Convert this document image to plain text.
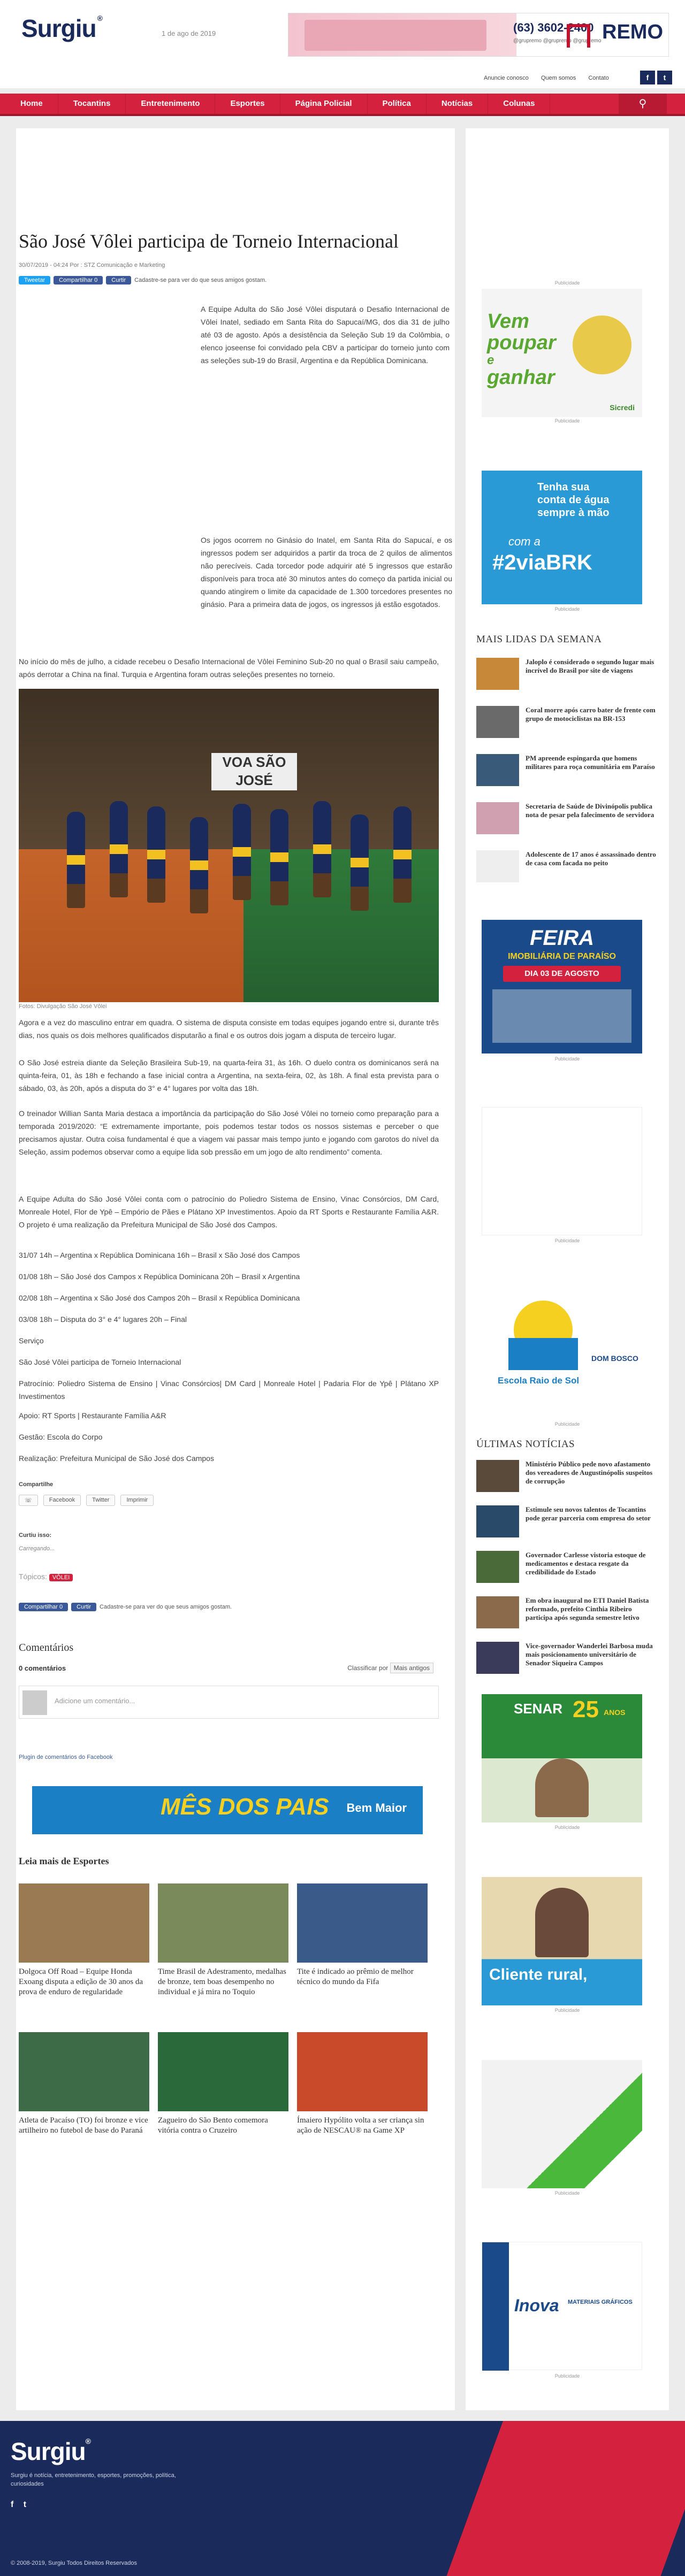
Surgiu ®
1 de ago de 2019	(63) 3602-2400
@grupremo @grupremo @grupremo REMO
Anuncie conosco Quem somos Contato	f	t
Home	Tocantins	Entretenimento	Esportes	Página Policial	Política	Notícias	Colunas	⚲
São José Vôlei participa de Torneio Internacional
30/07/2019 - 04:24 Por : STZ Comunicação e Marketing
Tweetar	Compartilhar 0	Curtir	Cadastre-se para ver do que seus amigos gostam.
A Equipe Adulta do São José Vôlei disputará o Desafio Internacional de Vôlei Inatel, sediado em Santa Rita do Sapucaí/MG, dos dia 31 de julho até 03 de agosto. Após a desistência da Seleção Sub 19 da Colômbia, o elenco joseense foi convidado pela CBV a participar do torneio junto com as seleções sub-19 do Brasil, Argentina e da República Dominicana.
Os jogos ocorrem no Ginásio do Inatel, em Santa Rita do Sapucaí, e os ingressos podem ser adquiridos a partir da troca de 2 quilos de alimentos não perecíveis. Cada torcedor pode adquirir até 5 ingressos que estarão disponíveis para troca até 30 minutos antes do começo da partida inicial ou quando atingirem o limite da capacidade de 1.300 torcedores presentes no ginásio. Para a primeira data de jogos, os ingressos já estão esgotados.
No início do mês de julho, a cidade recebeu o Desafio Internacional de Vôlei Feminino Sub-20 no qual o Brasil saiu campeão, após derrotar a China na final. Turquia e Argentina foram outras seleções presentes no torneio.
VOA SÃO JOSÉ
Fotos: Divulgação São José Vôlei
Agora e a vez do masculino entrar em quadra. O sistema de disputa consiste em todas equipes jogando entre si, durante três dias, nos quais os dois melhores qualificados disputarão a final e os outros dois jogam a disputa de terceiro lugar.
O São José estreia diante da Seleção Brasileira Sub-19, na quarta-feira 31, às 16h. O duelo contra os dominicanos será na quinta-feira, 01, às 18h e fechando a fase inicial contra a Argentina, na sexta-feira, 02, às 18h. A final esta prevista para o sábado, 03, às 20h, após a disputa do 3° e 4° lugares por volta das 18h.
O treinador Willian Santa Maria destaca a importância da participação do São José Vôlei no torneio como preparação para a temporada 2019/2020: “E extremamente importante, pois podemos testar todos os nossos sistemas e perceber o que precisamos ajustar. Outra coisa fundamental é que a viagem vai passar mais tempo junto e jogando com garotos do nível da Seleção, assim podemos observar como a equipe lida sob pressão em um jogo de alto rendimento” comenta.
A Equipe Adulta do São José Vôlei conta com o patrocínio do Poliedro Sistema de Ensino, Vinac Consórcios, DM Card, Monreale Hotel, Flor de Ypê – Empório de Pães e Plátano XP Investimentos. Apoio da RT Sports e Restaurante Família A&R. O projeto é uma realização da Prefeitura Municipal de São José dos Campos.
31/07 14h – Argentina x República Dominicana 16h – Brasil x São José dos Campos
01/08 18h – São José dos Campos x República Dominicana 20h – Brasil x Argentina
02/08 18h – Argentina x São José dos Campos 20h – Brasil x República Dominicana
03/08 18h – Disputa do 3° e 4° lugares 20h – Final
Serviço
São José Vôlei participa de Torneio Internacional
Patrocínio: Poliedro Sistema de Ensino | Vinac Consórcios| DM Card | Monreale Hotel | Padaria Flor de Ypê | Plátano XP Investimentos
Apoio: RT Sports | Restaurante Família A&R
Gestão: Escola do Corpo
Realização: Prefeitura Municipal de São José dos Campos
Compartilhe
☏	Facebook	Twitter	Imprimir
Curtiu isso:
Carregando...
Tópicos: VÔLEI
Compartilhar 0	Curtir	Cadastre-se para ver do que seus amigos gostam.
Comentários
0 comentários	Classificar por Mais antigos
Adicione um comentário...
Plugin de comentários do Facebook
MÊS DOS PAIS Bem Maior
Leia mais de Esportes
Dolgoca Off Road – Equipe Honda Exoang disputa a edição de 30 anos da prova de enduro de regularidade
Time Brasil de Adestramento, medalhas de bronze, tem boas desempenho no individual e já mira no Toquio
Tite é indicado ao prêmio de melhor técnico do mundo da Fifa
Atleta de Pacaíso (TO) foi bronze e vice artilheiro no futebol de base do Paraná
Zagueiro do São Bento comemora vitória contra o Cruzeiro
Ímaiero Hypólito volta a ser criança sin ação de NESCAU® na Game XP
Publicidade
Vem
poupar
e
ganhar
Sicredi
Publicidade
Tenha sua
conta de água
sempre à mão
com a
#2viaBRK
Publicidade
MAIS LIDAS DA SEMANA
Jaloplo é considerado o segundo lugar mais incrível do Brasil por site de viagens
Coral morre após carro bater de frente com grupo de motociclistas na BR-153
PM apreende espingarda que homens militares para roça comunitária em Paraíso
Secretaria de Saúde de Divinópolis publica nota de pesar pela falecimento de servidora
Adolescente de 17 anos é assassinado dentro de casa com facada no peito
FEIRA
IMOBILIÁRIA DE PARAÍSO
DIA 03 DE AGOSTO
Publicidade
Publicidade
Escola Raio de Sol
DOM BOSCO
Publicidade
ÚLTIMAS NOTÍCIAS
Ministério Público pede novo afastamento dos vereadores de Augustinópolis suspeitos de corrupção
Estimule seu novos talentos de Tocantins pode gerar parceria com empresa do setor
Governador Carlesse vistoria estoque de medicamentos e destaca resgate da credibilidade do Estado
Em obra inaugural no ETI Daniel Batista reformado, prefeito Cinthia Ribeiro participa após segunda semestre letivo
Vice-governador Wanderlei Barbosa muda mais posicionamento universitário de Senador Siqueira Campos
SENAR 25 ANOS
Publicidade
Cliente rural,
Publicidade
Publicidade
Inova MATERIAIS GRÁFICOS
Publicidade
Surgiu®
Surgiu é notícia, entretenimento, esportes, promoções, política, curiosidades
f t
© 2008-2019, Surgiu Todos Direitos Reservados
